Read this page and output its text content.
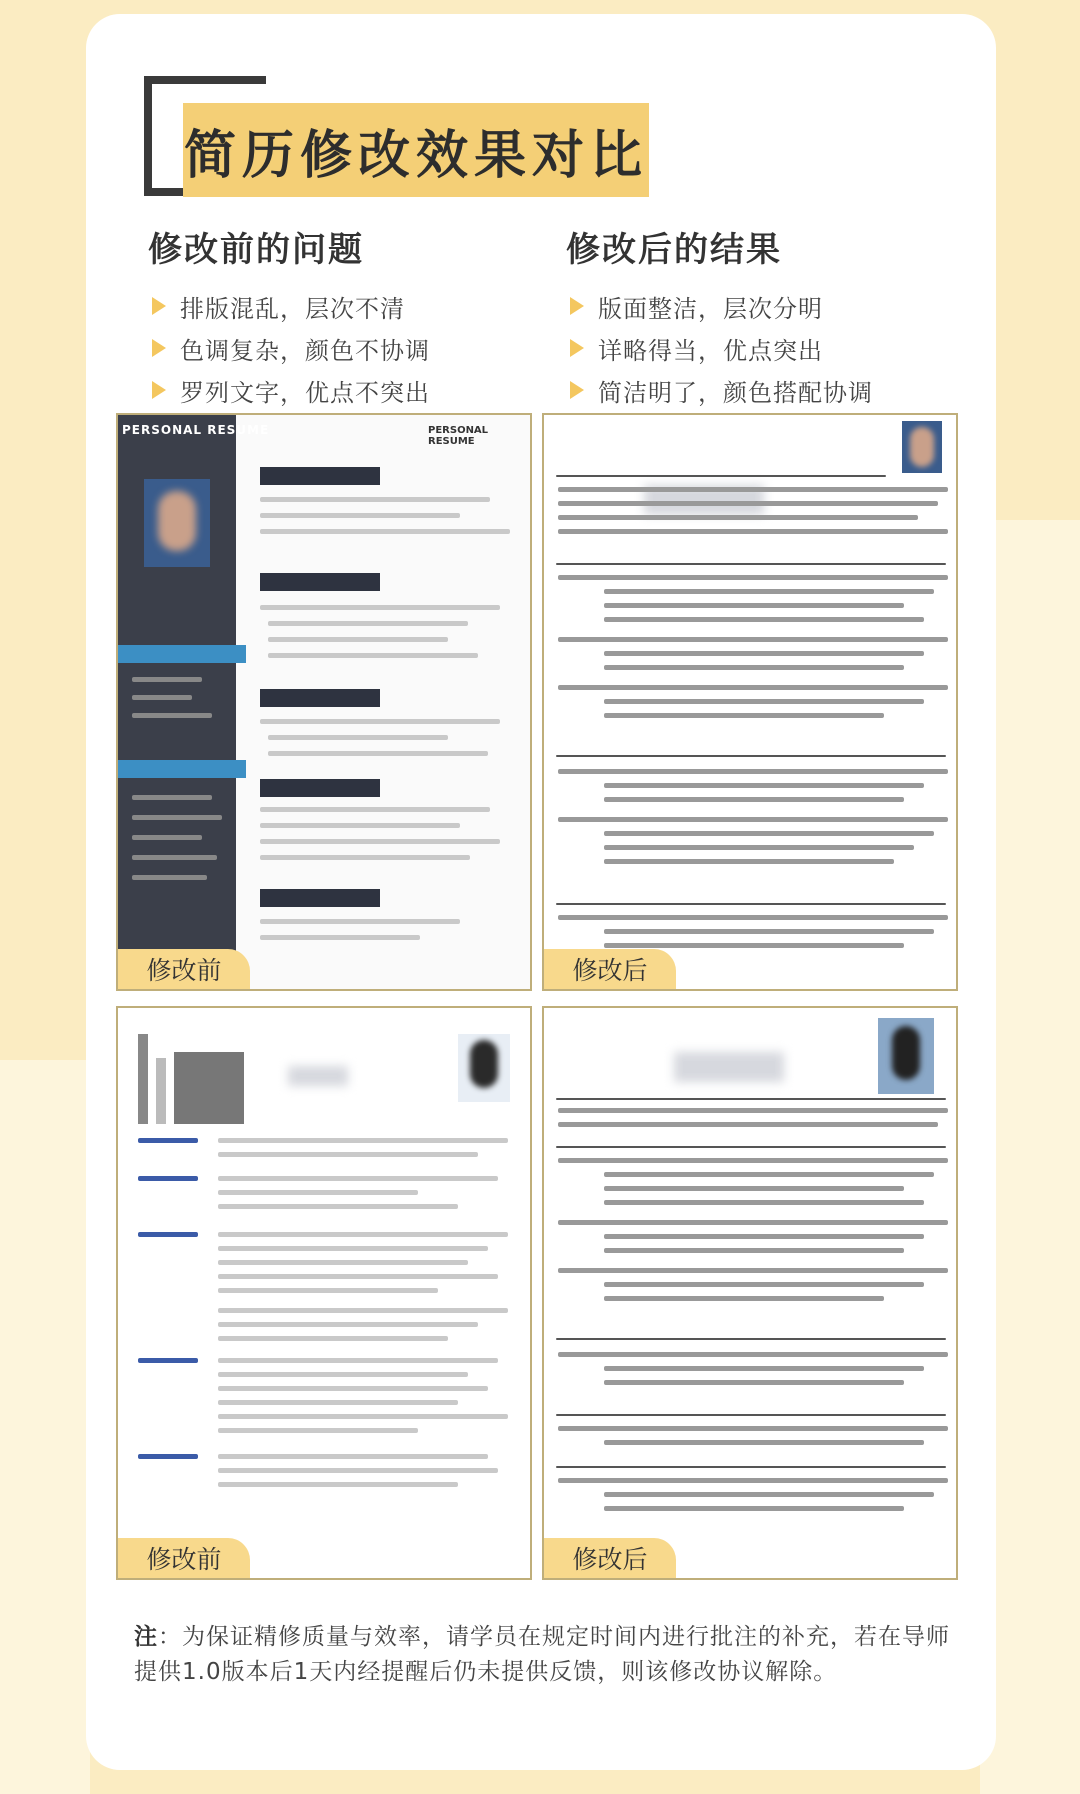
简历修改效果对比
修改前的问题
排版混乱，层次不清
色调复杂，颜色不协调
罗列文字，优点不突出
修改后的结果
版面整洁，层次分明
详略得当，优点突出
简洁明了，颜色搭配协调
PERSONAL RESUME	PERSONAL RESUME
修改前	修改后
修改前	修改后
注：为保证精修质量与效率，请学员在规定时间内进行批注的补充，若在导师提供1.0版本后1天内经提醒后仍未提供反馈，则该修改协议解除。
